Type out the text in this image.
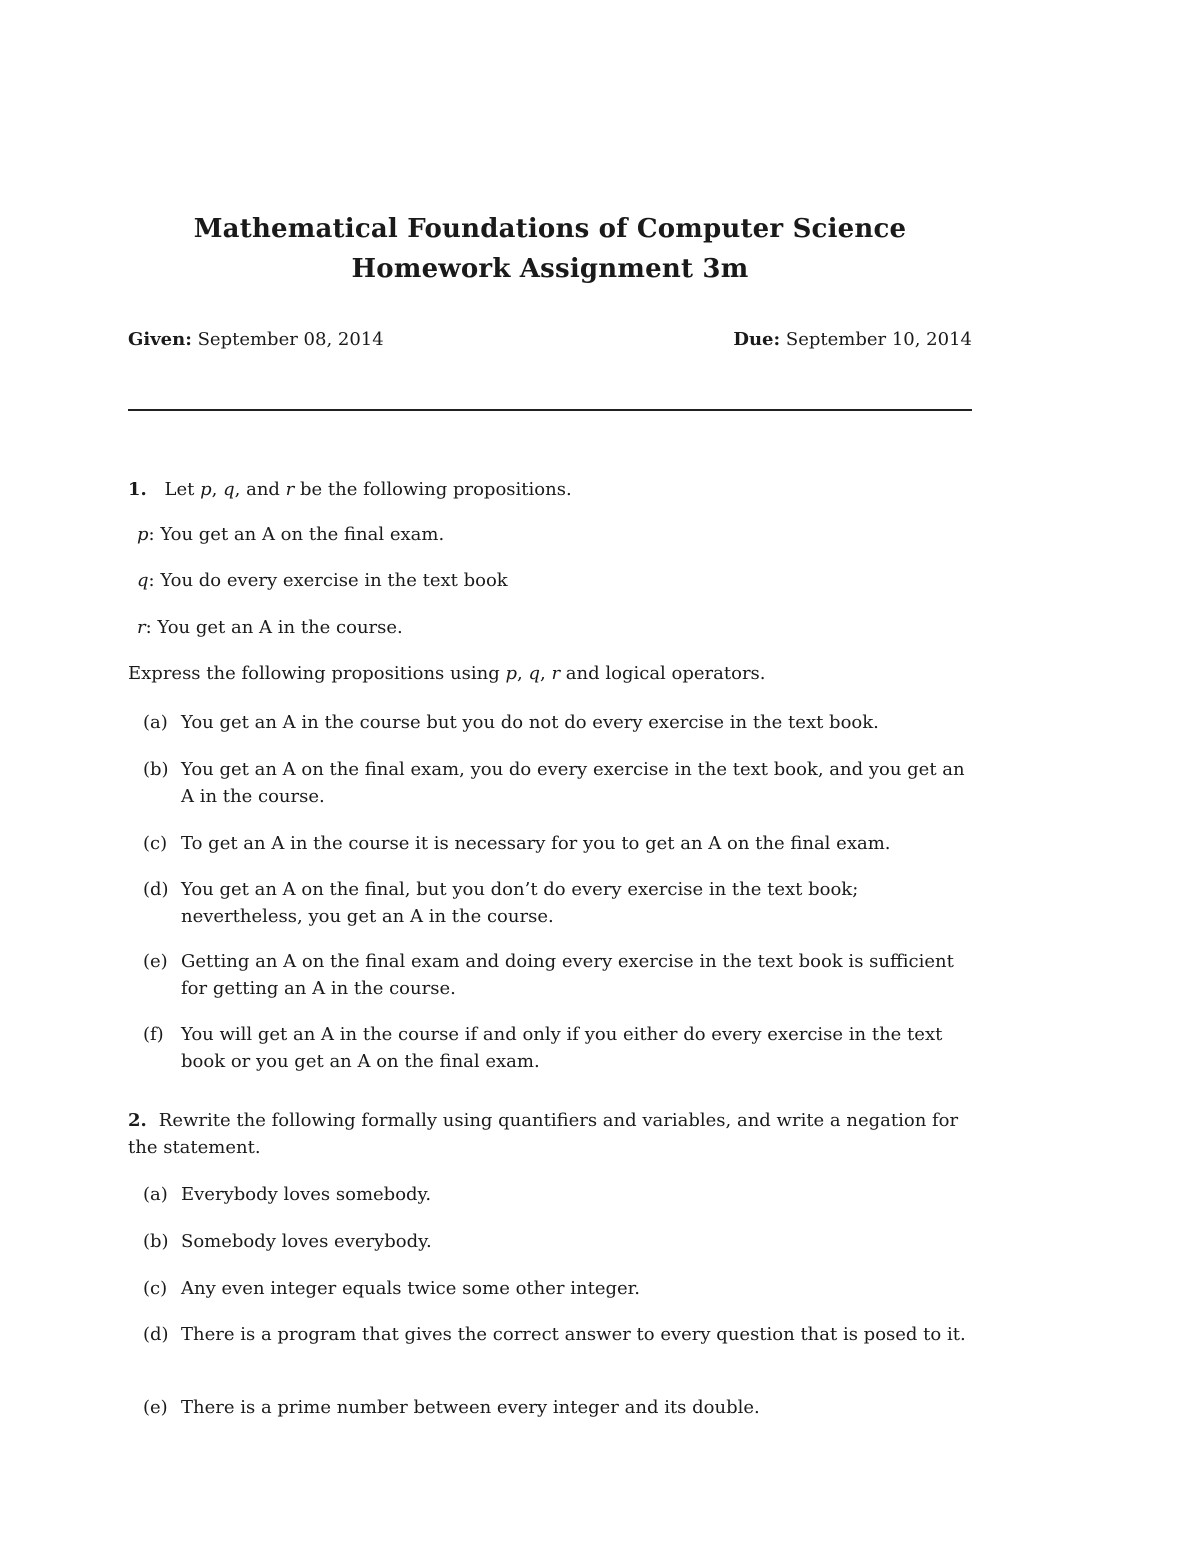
Mathematical Foundations of Computer Science
Homework Assignment 3m
Given: September 08, 2014	Due: September 10, 2014
1. Let p, q, and r be the following propositions.
p: You get an A on the final exam.
q: You do every exercise in the text book
r: You get an A in the course.
Express the following propositions using p, q, r and logical operators.
(a) You get an A in the course but you do not do every exercise in the text book.
(b) You get an A on the final exam, you do every exercise in the text book, and you get an A in the course.
(c) To get an A in the course it is necessary for you to get an A on the final exam.
(d) You get an A on the final, but you don’t do every exercise in the text book; nevertheless, you get an A in the course.
(e) Getting an A on the final exam and doing every exercise in the text book is sufficient for getting an A in the course.
(f) You will get an A in the course if and only if you either do every exercise in the text book or you get an A on the final exam.
2. Rewrite the following formally using quantifiers and variables, and write a negation for the statement.
(a) Everybody loves somebody.
(b) Somebody loves everybody.
(c) Any even integer equals twice some other integer.
(d) There is a program that gives the correct answer to every question that is posed to it.
(e) There is a prime number between every integer and its double.
